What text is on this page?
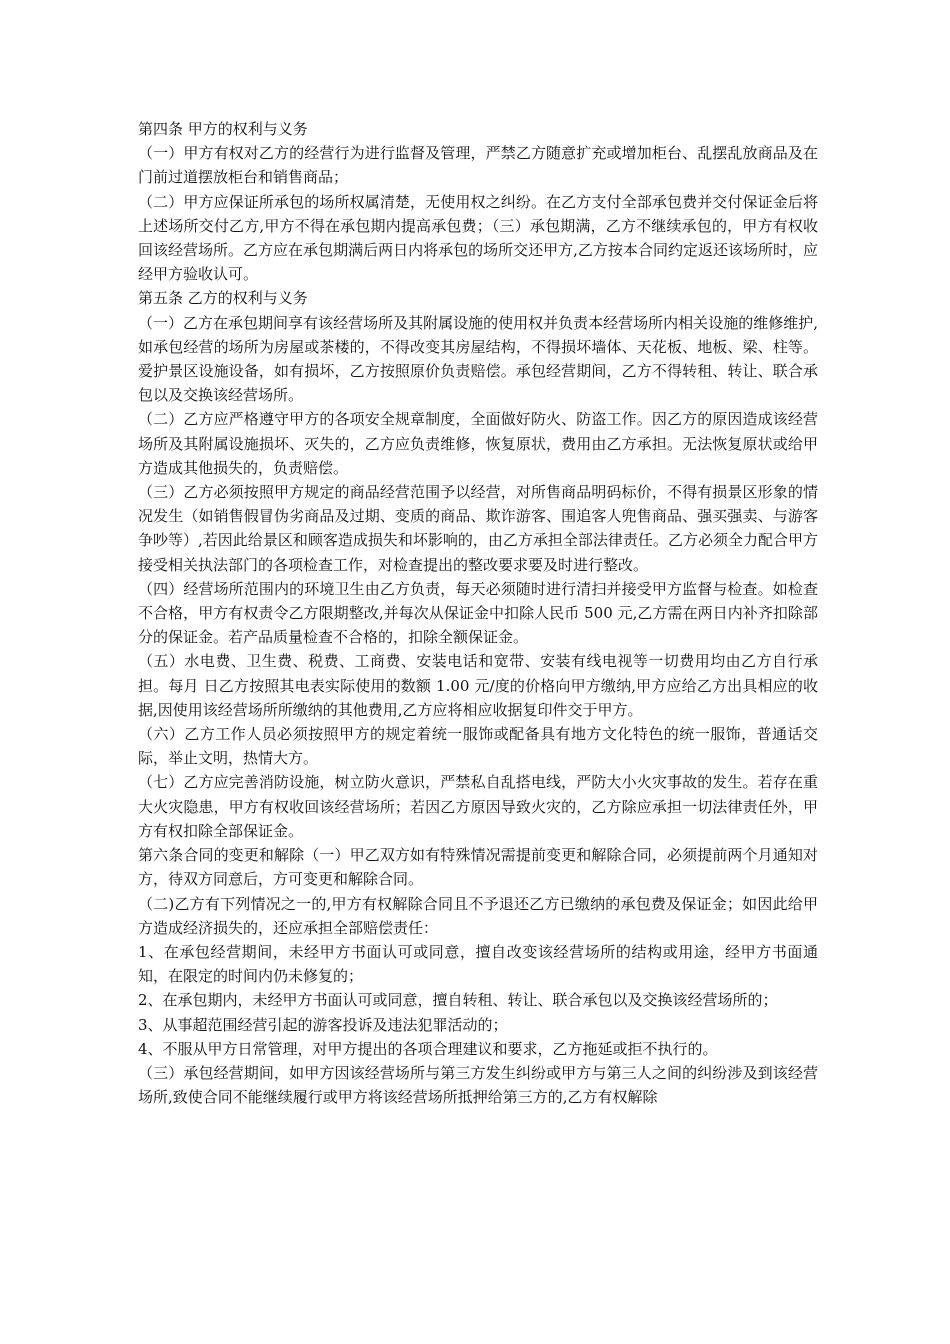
第四条 甲方的权利与义务

（一）甲方有权对乙方的经营行为进行监督及管理，严禁乙方随意扩充或增加柜台、乱摆乱放商品及在门前过道摆放柜台和销售商品；

（二）甲方应保证所承包的场所权属清楚，无使用权之纠纷。在乙方支付全部承包费并交付保证金后将上述场所交付乙方,甲方不得在承包期内提高承包费；（三）承包期满，乙方不继续承包的，甲方有权收回该经营场所。乙方应在承包期满后两日内将承包的场所交还甲方,乙方按本合同约定返还该场所时，应经甲方验收认可。

第五条 乙方的权利与义务

（一）乙方在承包期间享有该经营场所及其附属设施的使用权并负责本经营场所内相关设施的维修维护,如承包经营的场所为房屋或茶楼的，不得改变其房屋结构，不得损坏墙体、天花板、地板、梁、柱等。爱护景区设施设备，如有损坏，乙方按照原价负责赔偿。承包经营期间，乙方不得转租、转让、联合承包以及交换该经营场所。

（二）乙方应严格遵守甲方的各项安全规章制度，全面做好防火、防盗工作。因乙方的原因造成该经营场所及其附属设施损坏、灭失的，乙方应负责维修，恢复原状，费用由乙方承担。无法恢复原状或给甲方造成其他损失的，负责赔偿。

（三）乙方必须按照甲方规定的商品经营范围予以经营，对所售商品明码标价，不得有损景区形象的情况发生（如销售假冒伪劣商品及过期、变质的商品、欺诈游客、围追客人兜售商品、强买强卖、与游客争吵等）,若因此给景区和顾客造成损失和坏影响的，由乙方承担全部法律责任。乙方必须全力配合甲方接受相关执法部门的各项检查工作，对检查提出的整改要求要及时进行整改。

（四）经营场所范围内的环境卫生由乙方负责，每天必须随时进行清扫并接受甲方监督与检查。如检查不合格，甲方有权责令乙方限期整改,并每次从保证金中扣除人民币 500 元,乙方需在两日内补齐扣除部分的保证金。若产品质量检查不合格的，扣除全额保证金。

（五）水电费、卫生费、税费、工商费、安装电话和宽带、安装有线电视等一切费用均由乙方自行承担。每月 日乙方按照其电表实际使用的数额 1.00 元/度的价格向甲方缴纳,甲方应给乙方出具相应的收据,因使用该经营场所所缴纳的其他费用,乙方应将相应收据复印件交于甲方。

（六）乙方工作人员必须按照甲方的规定着统一服饰或配备具有地方文化特色的统一服饰，普通话交际，举止文明，热情大方。

（七）乙方应完善消防设施，树立防火意识，严禁私自乱搭电线，严防大小火灾事故的发生。若存在重大火灾隐患，甲方有权收回该经营场所；若因乙方原因导致火灾的，乙方除应承担一切法律责任外，甲方有权扣除全部保证金。

第六条合同的变更和解除（一）甲乙双方如有特殊情况需提前变更和解除合同，必须提前两个月通知对方，待双方同意后，方可变更和解除合同。

（二)乙方有下列情况之一的,甲方有权解除合同且不予退还乙方已缴纳的承包费及保证金；如因此给甲方造成经济损失的，还应承担全部赔偿责任：

1、在承包经营期间，未经甲方书面认可或同意，擅自改变该经营场所的结构或用途，经甲方书面通知，在限定的时间内仍未修复的；

2、在承包期内，未经甲方书面认可或同意，擅自转租、转让、联合承包以及交换该经营场所的；

3、从事超范围经营引起的游客投诉及违法犯罪活动的；

4、不服从甲方日常管理，对甲方提出的各项合理建议和要求，乙方拖延或拒不执行的。

（三）承包经营期间，如甲方因该经营场所与第三方发生纠纷或甲方与第三人之间的纠纷涉及到该经营场所,致使合同不能继续履行或甲方将该经营场所抵押给第三方的,乙方有权解除
